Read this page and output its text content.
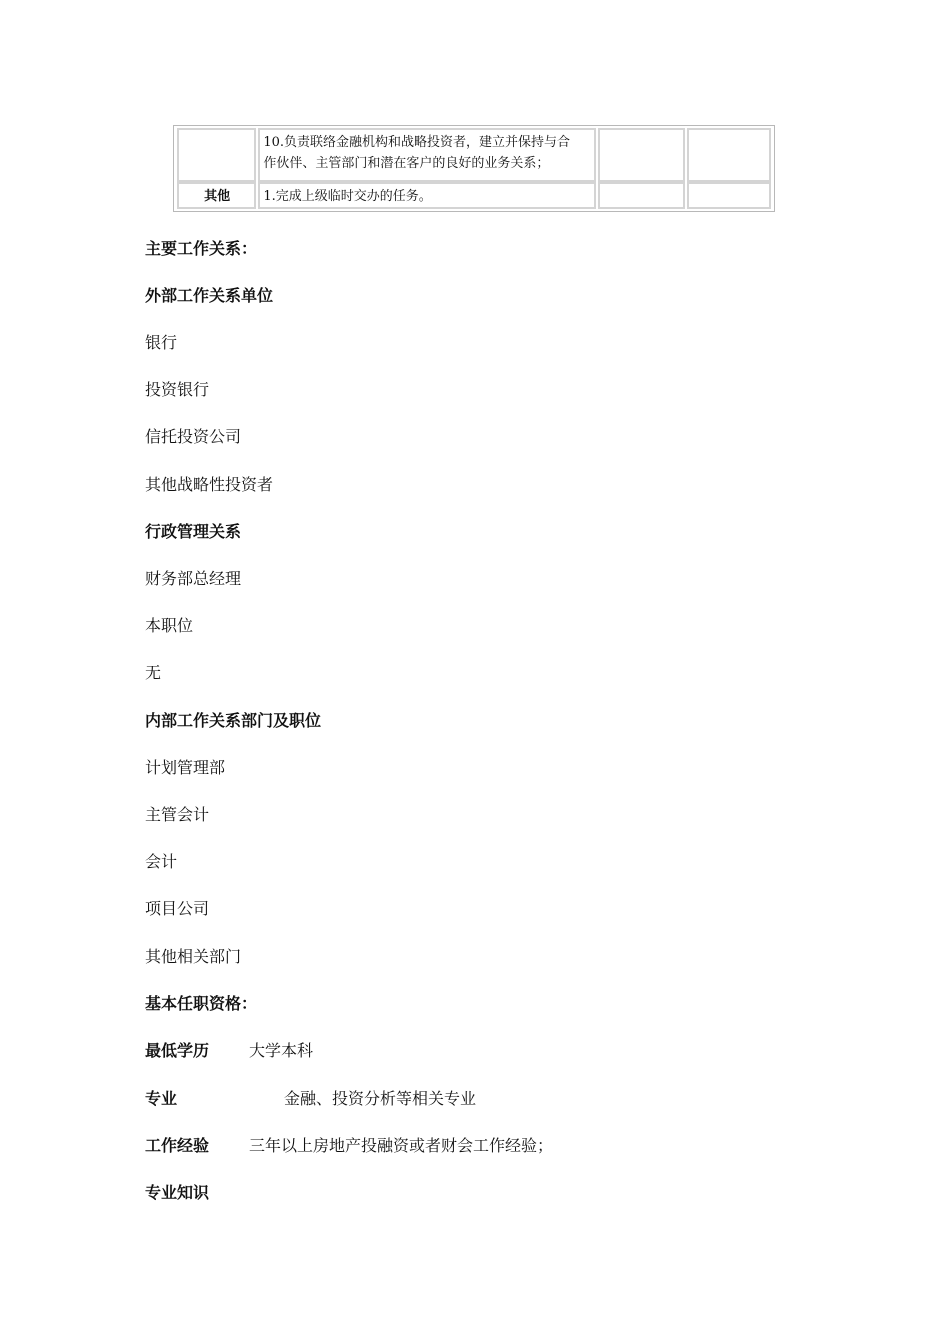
10.负责联络金融机构和战略投资者，建立并保持与合
作伙伴、主管部门和潜在客户的良好的业务关系；
其他	1.完成上级临时交办的任务。
主要工作关系：
外部工作关系单位
银行
投资银行
信托投资公司
其他战略性投资者
行政管理关系
财务部总经理
本职位
无
内部工作关系部门及职位
计划管理部
主管会计
会计
项目公司
其他相关部门
基本任职资格：
最低学历 大学本科
专业	金融、投资分析等相关专业
工作经验 三年以上房地产投融资或者财会工作经验；
专业知识
